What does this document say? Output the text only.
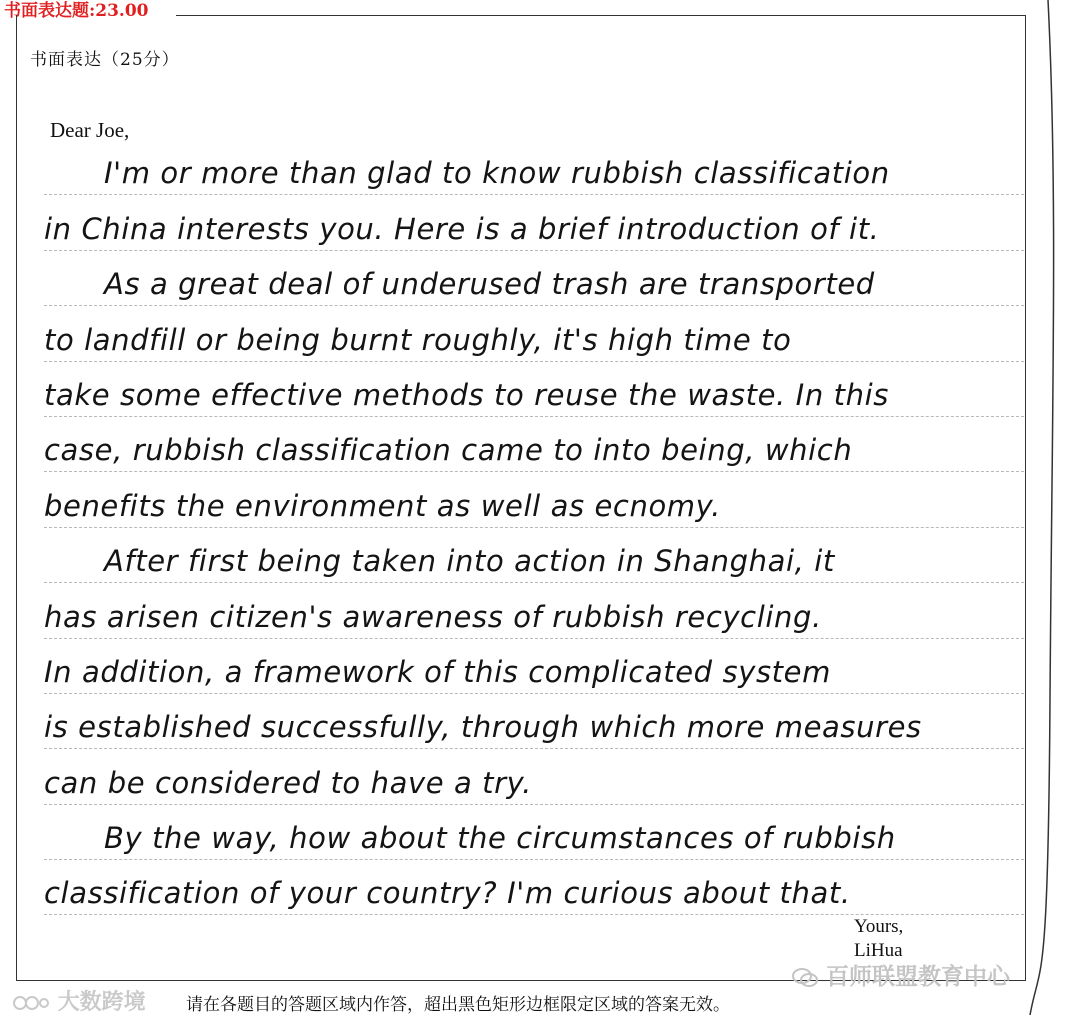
书面表达题:23.00
书面表达（25分）
Dear Joe,
I'm or more than glad to know rubbish classification
in China interests you. Here is a brief introduction of it.
As a great deal of underused trash are transported
to landfill or being burnt roughly, it's high time to
take some effective methods to reuse the waste. In this
case, rubbish classification came to into being, which
benefits the environment as well as ecnomy.
After first being taken into action in Shanghai, it
has arisen citizen's awareness of rubbish recycling.
In addition, a framework of this complicated system
is established successfully, through which more measures
can be considered to have a try.
By the way, how about the circumstances of rubbish
classification of your country? I'm curious about that.
Yours,
LiHua
百师联盟教育中心
大数跨境 请在各题目的答题区域内作答，超出黑色矩形边框限定区域的答案无效。
